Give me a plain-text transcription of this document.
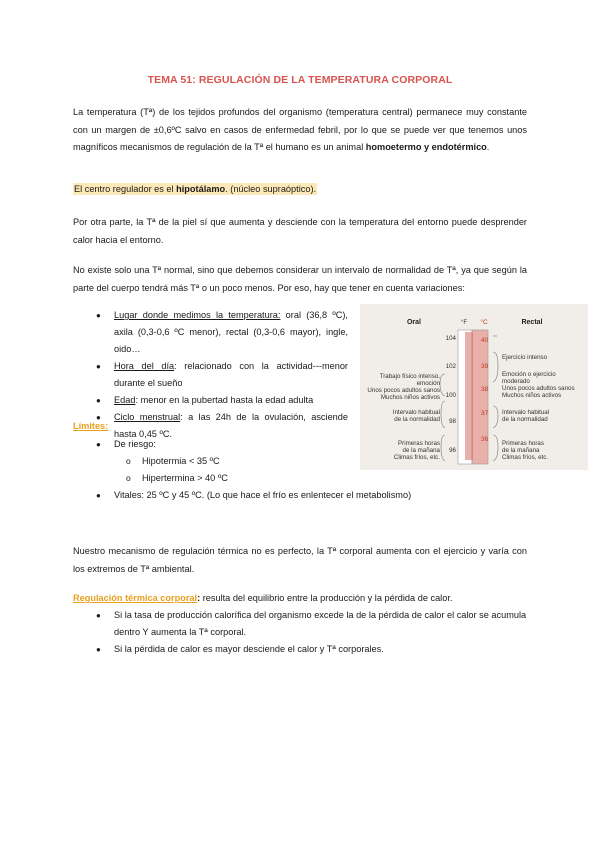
TEMA 51: REGULACIÓN DE LA TEMPERATURA CORPORAL

La temperatura (Tª) de los tejidos profundos del organismo (temperatura central) permanece muy constante con un margen de ±0,6ºC salvo en casos de enfermedad febril, por lo que se puede ver que tenemos unos magníficos mecanismos de regulación de la Tª el humano es un animal homoetermo y endotérmico.

El centro regulador es el hipotálamo. (núcleo supraóptico).

Por otra parte, la Tª de la piel sí que aumenta y desciende con la temperatura del entorno puede desprender calor hacia el entorno.

No existe solo una Tª normal, sino que debemos considerar un intervalo de normalidad de Tª, ya que según la parte del cuerpo tendrá más Tª o un poco menos. Por eso, hay que tener en cuenta variaciones:

● Lugar donde medimos la temperatura: oral (36,8 ºC), axila (0,3-0,6 ºC menor), rectal (0,3-0,6 mayor), ingle, oido…
● Hora del día: relacionado con la actividad---menor durante el sueño
● Edad: menor en la pubertad hasta la edad adulta
● Ciclo menstrual: a las 24h de la ovulación, asciende hasta 0,45 ºC.
Oral	°F °C	Rectal
104
102
100
98
96
40
39
38
37
36
Trabajo físico intenso,
emoción
Unos pocos adultos sanos
Muchos niños activos
Intervalo habitual
de la normalidad
Primeras horas
de la mañana
Climas fríos, etc.
Ejercicio intenso
Emoción o ejercicio
moderado
Unos pocos adultos sanos
Muchos niños activos
Intervalo habitual
de la normalidad
Primeras horas
de la mañana
Climas fríos, etc.

Límites:

● De riesgo:
o Hipotermia < 35 ºC
o Hipertermina > 40 ºC
● Vitales: 25 ºC y 45 ºC. (Lo que hace el frío es enlentecer el metabolismo)

Nuestro mecanismo de regulación térmica no es perfecto, la Tª corporal aumenta con el ejercicio y varía con los extremos de Tª ambiental.

Regulación térmica corporal: resulta del equilibrio entre la producción y la pérdida de calor.

● Si la tasa de producción calorífica del organismo excede la de la pérdida de calor el calor se acumula dentro Y aumenta la Tª corporal.
● Si la pérdida de calor es mayor desciende el calor y Tª corporales.
